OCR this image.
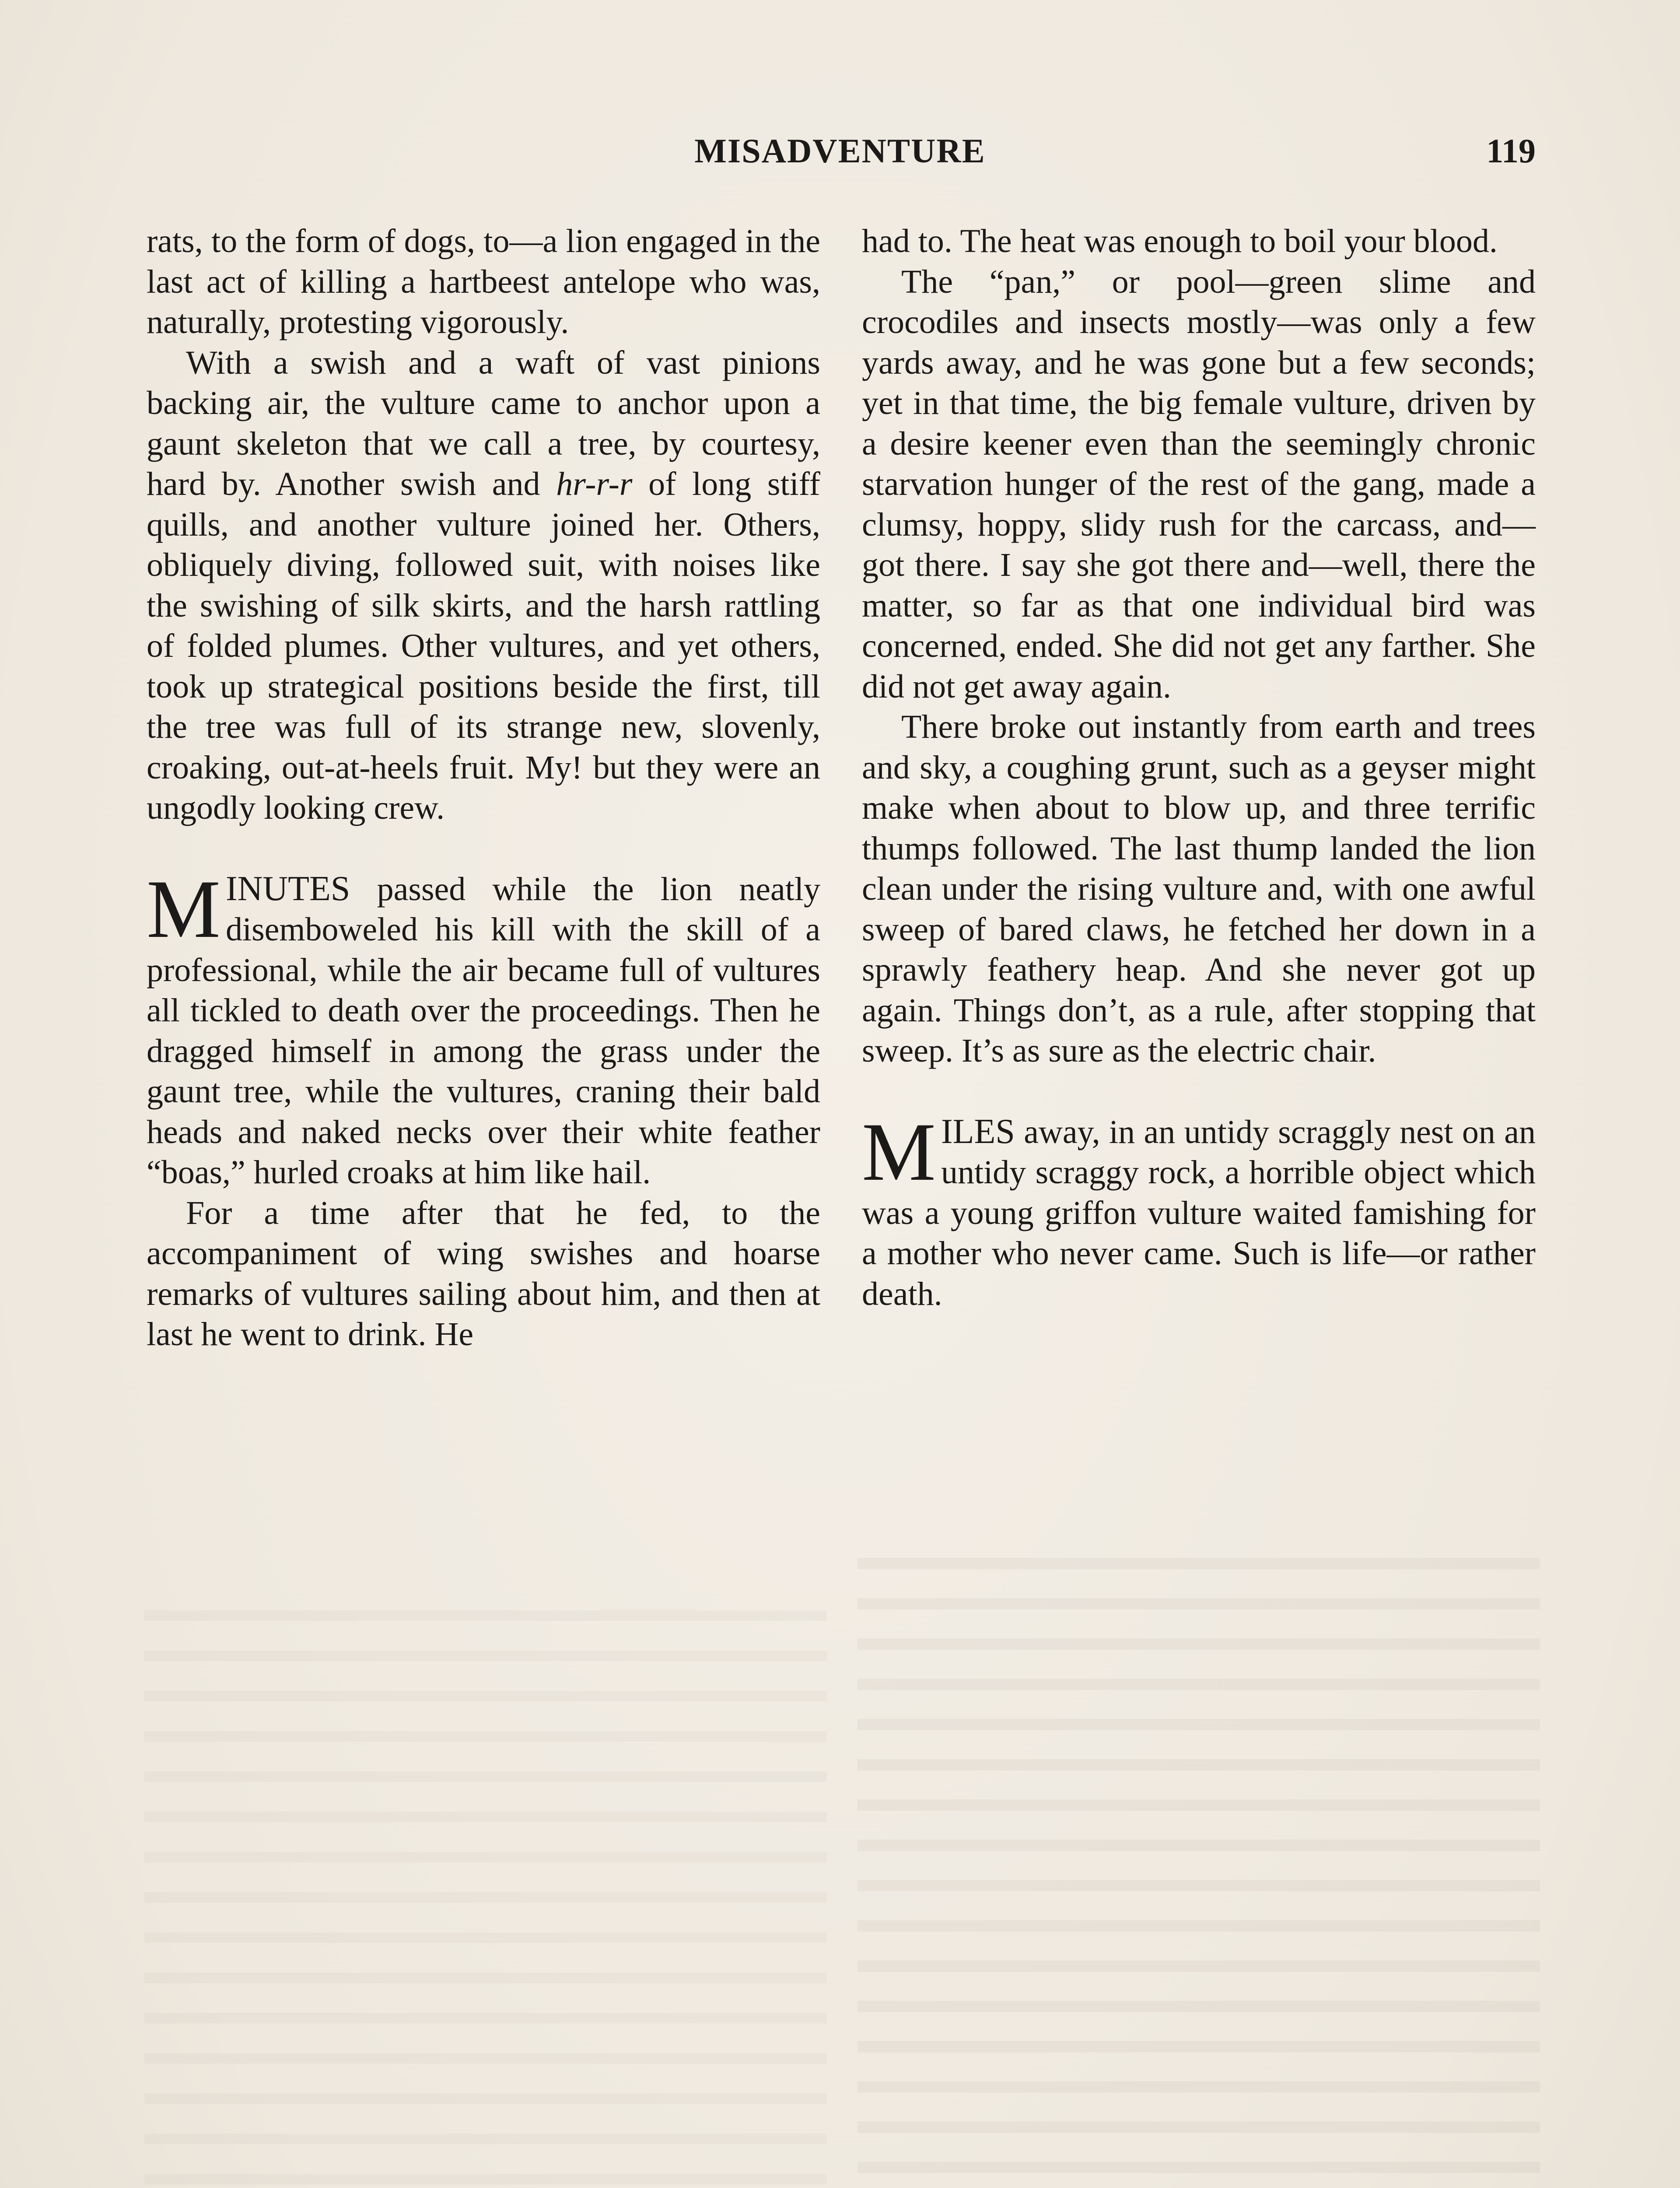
MISADVENTURE	119

rats, to the form of dogs, to—a lion engaged in the last act of killing a hartbeest antelope who was, naturally, protesting vigorously.

With a swish and a waft of vast pinions backing air, the vulture came to anchor upon a gaunt skeleton that we call a tree, by courtesy, hard by. Another swish and hr-r-r of long stiff quills, and another vulture joined her. Others, obliquely diving, followed suit, with noises like the swishing of silk skirts, and the harsh rattling of folded plumes. Other vultures, and yet others, took up strategical positions beside the first, till the tree was full of its strange new, slovenly, croaking, out-at-heels fruit. My! but they were an ungodly looking crew.

MINUTES passed while the lion neatly disemboweled his kill with the skill of a professional, while the air became full of vultures all tickled to death over the proceedings. Then he dragged himself in among the grass under the gaunt tree, while the vultures, craning their bald heads and naked necks over their white feather “boas,” hurled croaks at him like hail.

For a time after that he fed, to the accompaniment of wing swishes and hoarse remarks of vultures sailing about him, and then at last he went to drink. He

had to. The heat was enough to boil your blood.

The “pan,” or pool—green slime and crocodiles and insects mostly—was only a few yards away, and he was gone but a few seconds; yet in that time, the big female vulture, driven by a desire keener even than the seemingly chronic starvation hunger of the rest of the gang, made a clumsy, hoppy, slidy rush for the carcass, and—got there. I say she got there and—well, there the matter, so far as that one individual bird was concerned, ended. She did not get any farther. She did not get away again.

There broke out instantly from earth and trees and sky, a coughing grunt, such as a geyser might make when about to blow up, and three terrific thumps followed. The last thump landed the lion clean under the rising vulture and, with one awful sweep of bared claws, he fetched her down in a sprawly feathery heap. And she never got up again. Things don’t, as a rule, after stopping that sweep. It’s as sure as the electric chair.

MILES away, in an untidy scraggly nest on an untidy scraggy rock, a horrible object which was a young griffon vulture waited famishing for a mother who never came. Such is life—or rather death.
